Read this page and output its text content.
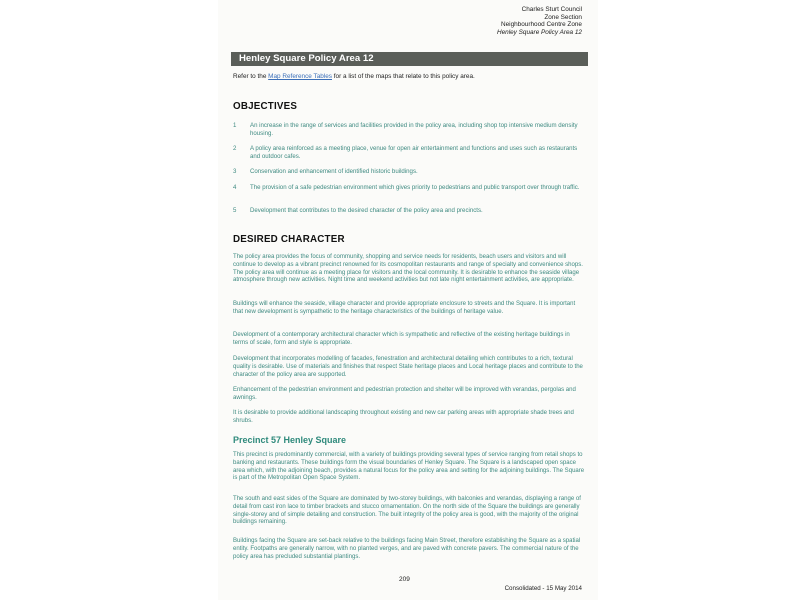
Charles Sturt Council
Zone Section
Neighbourhood Centre Zone
Henley Square Policy Area 12
Henley Square Policy Area 12
Refer to the Map Reference Tables for a list of the maps that relate to this policy area.
OBJECTIVES
1 An increase in the range of services and facilities provided in the policy area, including shop top intensive medium density housing.
2 A policy area reinforced as a meeting place, venue for open air entertainment and functions and uses such as restaurants and outdoor cafes.
3 Conservation and enhancement of identified historic buildings.
4 The provision of a safe pedestrian environment which gives priority to pedestrians and public transport over through traffic.
5 Development that contributes to the desired character of the policy area and precincts.
DESIRED CHARACTER
The policy area provides the focus of community, shopping and service needs for residents, beach users and visitors and will continue to develop as a vibrant precinct renowned for its cosmopolitan restaurants and range of specialty and convenience shops. The policy area will continue as a meeting place for visitors and the local community. It is desirable to enhance the seaside village atmosphere through new activities. Night time and weekend activities but not late night entertainment activities, are appropriate.
Buildings will enhance the seaside, village character and provide appropriate enclosure to streets and the Square. It is important that new development is sympathetic to the heritage characteristics of the buildings of heritage value.
Development of a contemporary architectural character which is sympathetic and reflective of the existing heritage buildings in terms of scale, form and style is appropriate.
Development that incorporates modelling of facades, fenestration and architectural detailing which contributes to a rich, textural quality is desirable. Use of materials and finishes that respect State heritage places and Local heritage places and contribute to the character of the policy area are supported.
Enhancement of the pedestrian environment and pedestrian protection and shelter will be improved with verandas, pergolas and awnings.
It is desirable to provide additional landscaping throughout existing and new car parking areas with appropriate shade trees and shrubs.
Precinct 57 Henley Square
This precinct is predominantly commercial, with a variety of buildings providing several types of service ranging from retail shops to banking and restaurants. These buildings form the visual boundaries of Henley Square. The Square is a landscaped open space area which, with the adjoining beach, provides a natural focus for the policy area and setting for the adjoining buildings. The Square is part of the Metropolitan Open Space System.
The south and east sides of the Square are dominated by two-storey buildings, with balconies and verandas, displaying a range of detail from cast iron lace to timber brackets and stucco ornamentation. On the north side of the Square the buildings are generally single-storey and of simple detailing and construction. The built integrity of the policy area is good, with the majority of the original buildings remaining.
Buildings facing the Square are set-back relative to the buildings facing Main Street, therefore establishing the Square as a spatial entity. Footpaths are generally narrow, with no planted verges, and are paved with concrete pavers. The commercial nature of the policy area has precluded substantial plantings.
209
Consolidated - 15 May 2014
